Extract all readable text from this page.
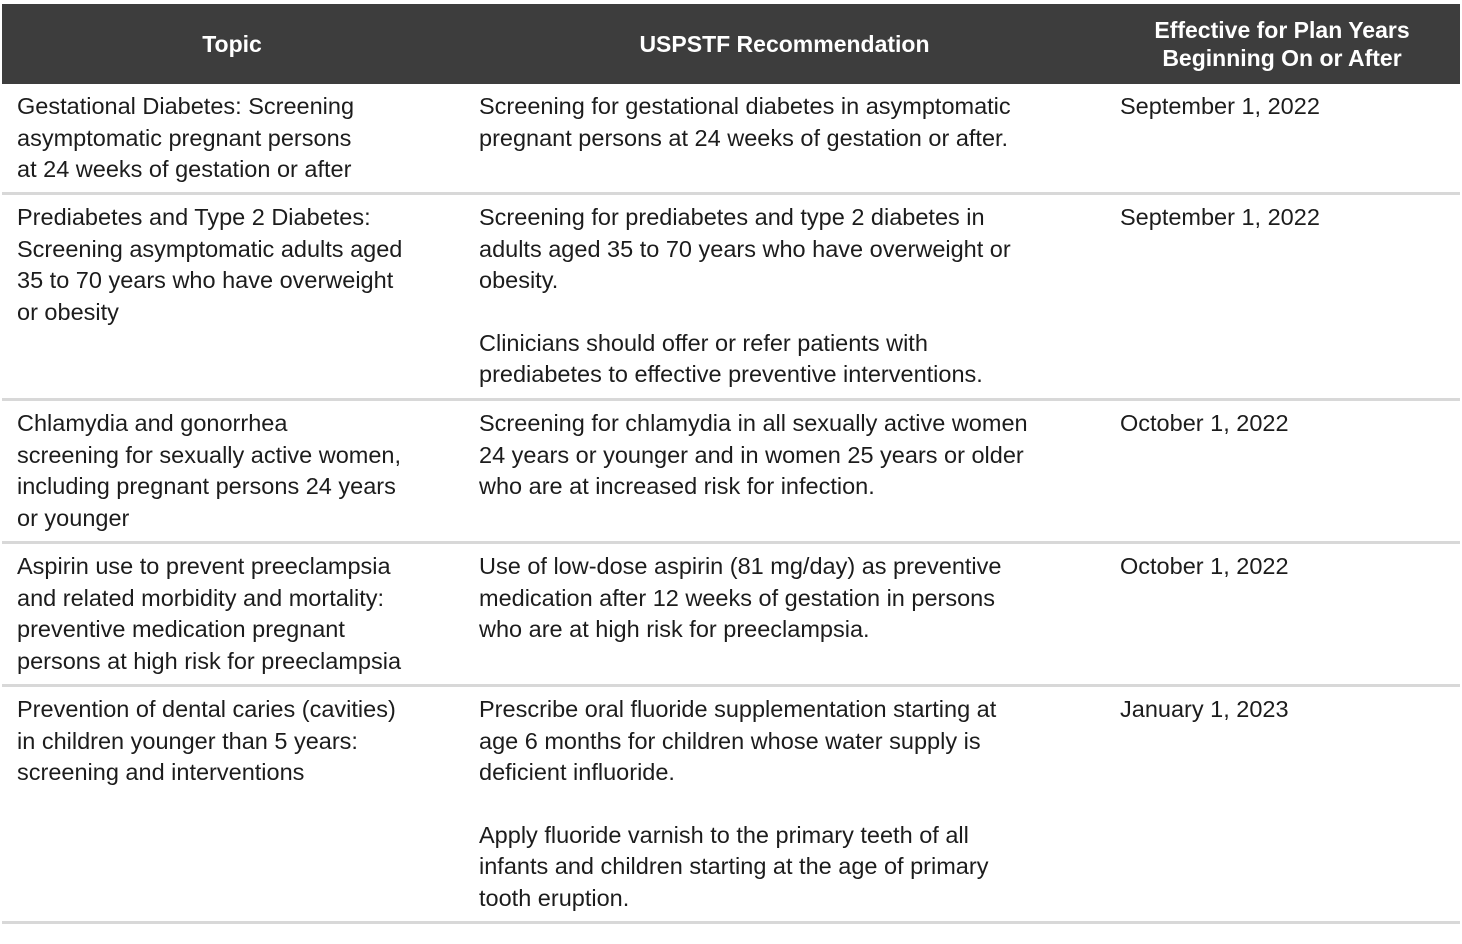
Topic	USPSTF Recommendation
Effective for Plan Years
Beginning On or After
Gestational Diabetes: Screening
asymptomatic pregnant persons
at 24 weeks of gestation or after
Screening for gestational diabetes in asymptomatic
pregnant persons at 24 weeks of gestation or after.
September 1, 2022
Prediabetes and Type 2 Diabetes:
Screening asymptomatic adults aged
35 to 70 years who have overweight
or obesity
Screening for prediabetes and type 2 diabetes in
adults aged 35 to 70 years who have overweight or
obesity.
Clinicians should offer or refer patients with
prediabetes to effective preventive interventions.
September 1, 2022
Chlamydia and gonorrhea
screening for sexually active women,
including pregnant persons 24 years
or younger
Screening for chlamydia in all sexually active women
24 years or younger and in women 25 years or older
who are at increased risk for infection.
October 1, 2022
Aspirin use to prevent preeclampsia
and related morbidity and mortality:
preventive medication pregnant
persons at high risk for preeclampsia
Use of low-dose aspirin (81 mg/day) as preventive
medication after 12 weeks of gestation in persons
who are at high risk for preeclampsia.
October 1, 2022
Prevention of dental caries (cavities)
in children younger than 5 years:
screening and interventions
Prescribe oral fluoride supplementation starting at
age 6 months for children whose water supply is
deficient influoride.
Apply fluoride varnish to the primary teeth of all
infants and children starting at the age of primary
tooth eruption.
January 1, 2023
